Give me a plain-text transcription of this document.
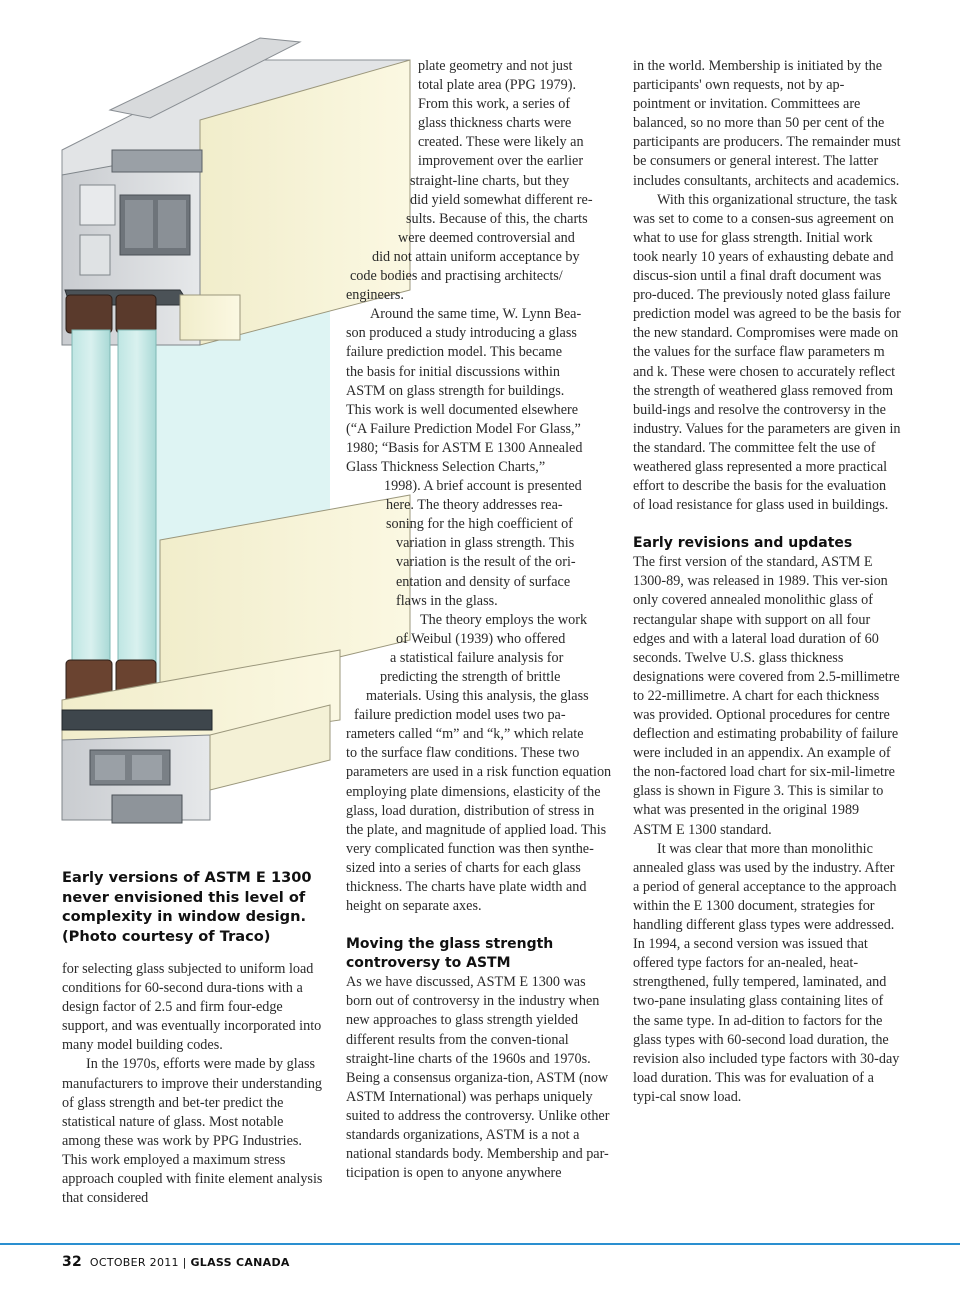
Early versions of ASTM E 1300 never envisioned this level of complexity in window design. (Photo courtesy of Traco)

for selecting glass subjected to uniform load conditions for 60-second dura-tions with a design factor of 2.5 and firm four-edge support, and was eventually incorporated into many model building codes.

In the 1970s, efforts were made by glass manufacturers to improve their understanding of glass strength and bet-ter predict the statistical nature of glass. Most notable among these was work by PPG Industries. This work employed a maximum stress approach coupled with finite element analysis that considered

plate geometry and not just
total plate area (PPG 1979).
From this work, a series of
glass thickness charts were
created. These were likely an
improvement over the earlier
straight-line charts, but they
did yield somewhat different re-
sults. Because of this, the charts
were deemed controversial and
did not attain uniform acceptance by
code bodies and practising architects/
engineers.
Around the same time, W. Lynn Bea-
son produced a study introducing a glass
failure prediction model. This became
the basis for initial discussions within
ASTM on glass strength for buildings.
This work is well documented elsewhere
(“A Failure Prediction Model For Glass,”
1980; “Basis for ASTM E 1300 Annealed
Glass Thickness Selection Charts,”
1998). A brief account is presented
here. The theory addresses rea-
soning for the high coefficient of
variation in glass strength. This
variation is the result of the ori-
entation and density of surface
flaws in the glass.
The theory employs the work
of Weibul (1939) who offered
a statistical failure analysis for
predicting the strength of brittle
materials. Using this analysis, the glass
failure prediction model uses two pa-
rameters called “m” and “k,” which relate
to the surface flaw conditions. These two

parameters are used in a risk function equation employing plate dimensions, elasticity of the glass, load duration, distribution of stress in the plate, and magnitude of applied load. This very complicated function was then synthe-sized into a series of charts for each glass thickness. The charts have plate width and height on separate axes.

Moving the glass strength controversy to ASTM

As we have discussed, ASTM E 1300 was born out of controversy in the industry when new approaches to glass strength yielded different results from the conven-tional straight-line charts of the 1960s and 1970s. Being a consensus organiza-tion, ASTM (now ASTM International) was perhaps uniquely suited to address the controversy. Unlike other standards organizations, ASTM is a not a national standards body. Membership and par-ticipation is open to anyone anywhere

in the world. Membership is initiated by the participants' own requests, not by ap-pointment or invitation. Committees are balanced, so no more than 50 per cent of the participants are producers. The remainder must be consumers or general interest. The latter includes consultants, architects and academics.

With this organizational structure, the task was set to come to a consen-sus agreement on what to use for glass strength. Initial work took nearly 10 years of exhausting debate and discus-sion until a final draft document was pro-duced. The previously noted glass failure prediction model was agreed to be the basis for the new standard. Compromises were made on the values for the surface flaw parameters m and k. These were chosen to accurately reflect the strength of weathered glass removed from build-ings and resolve the controversy in the industry. Values for the parameters are given in the standard. The committee felt the use of weathered glass represented a more practical effort to describe the basis for the evaluation of load resistance for glass used in buildings.

Early revisions and updates

The first version of the standard, ASTM E 1300-89, was released in 1989. This ver-sion only covered annealed monolithic glass of rectangular shape with support on all four edges and with a lateral load duration of 60 seconds. Twelve U.S. glass thickness designations were covered from 2.5-millimetre to 22-millimetre. A chart for each thickness was provided. Optional procedures for centre deflection and estimating probability of failure were included in an appendix. An example of the non-factored load chart for six-mil-limetre glass is shown in Figure 3. This is similar to what was presented in the original 1989 ASTM E 1300 standard.

It was clear that more than monolithic annealed glass was used by the industry. After a period of general acceptance to the approach within the E 1300 document, strategies for handling different glass types were addressed. In 1994, a second version was issued that offered type factors for an-nealed, heat-strengthened, fully tempered, laminated, and two-pane insulating glass containing lites of the same type. In ad-dition to factors for the glass types with 60-second load duration, the revision also included type factors with 30-day load duration. This was for evaluation of a typi-cal snow load.

32 OCTOBER 2011 | GLASS CANADA
